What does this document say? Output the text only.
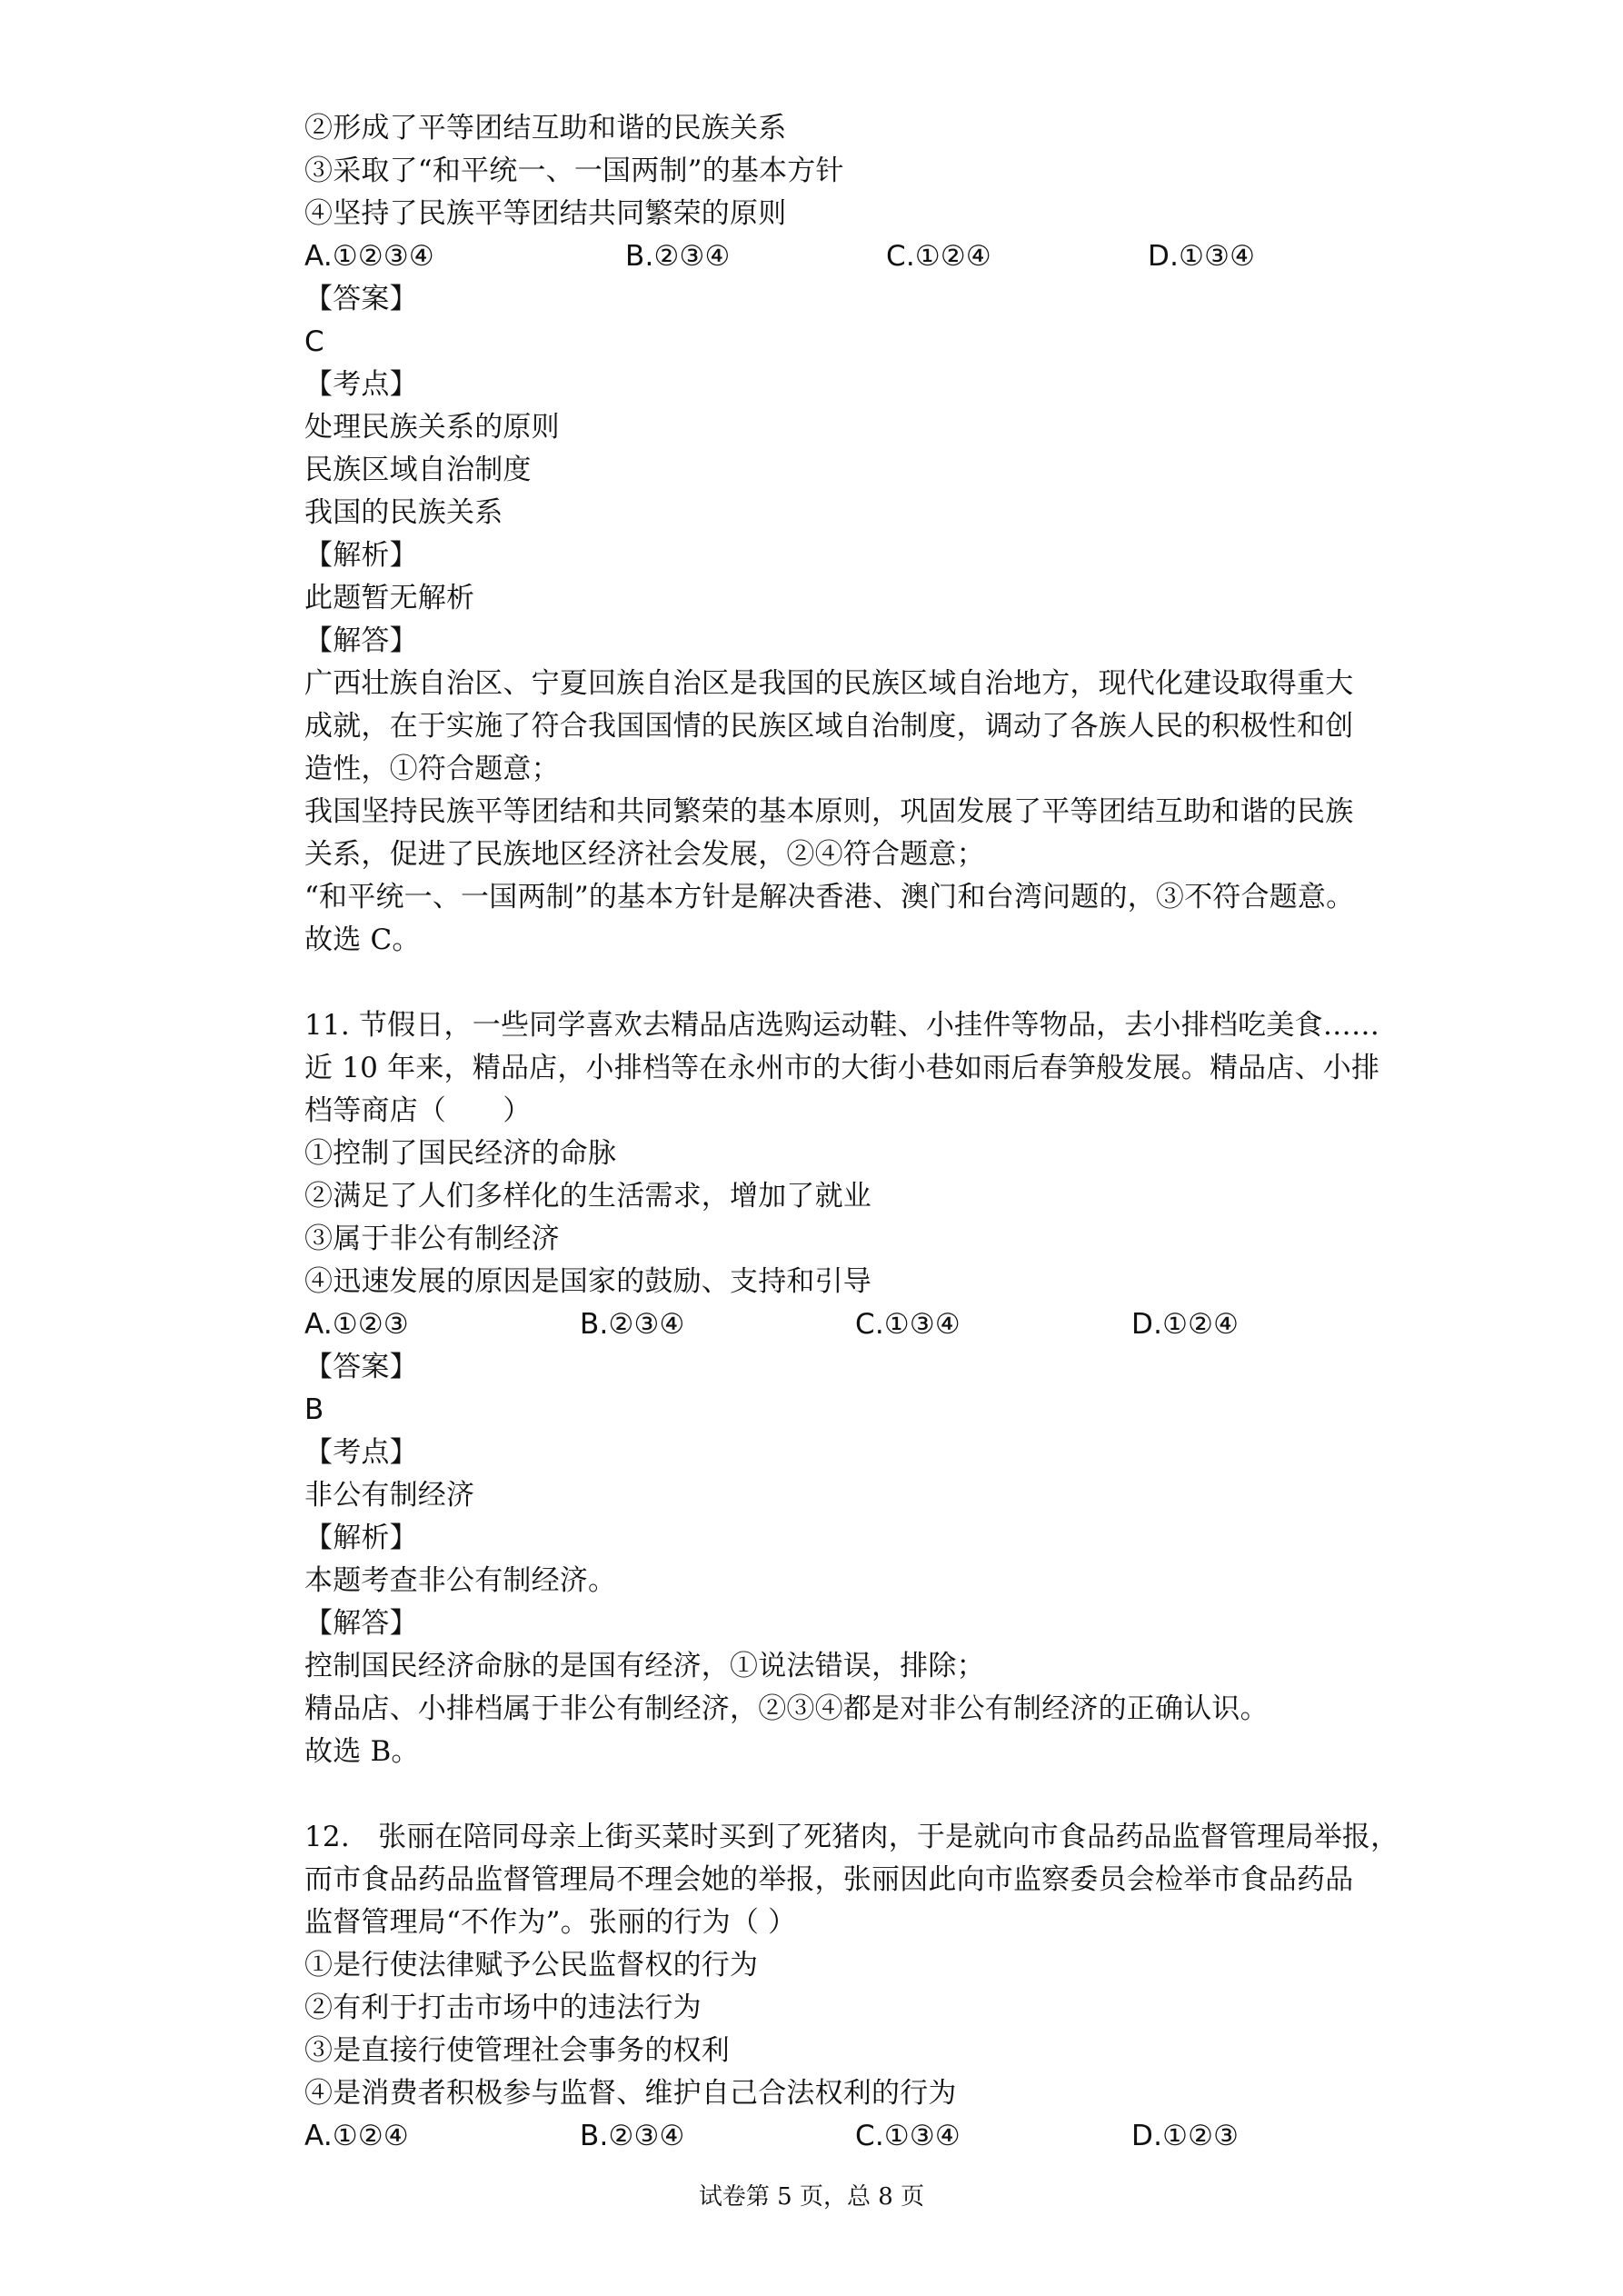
②形成了平等团结互助和谐的民族关系
③采取了“和平统一、一国两制”的基本方针
④坚持了民族平等团结共同繁荣的原则
A.①②③④	B.②③④	C.①②④	D.①③④
【答案】
C
【考点】
处理民族关系的原则
民族区域自治制度
我国的民族关系
【解析】
此题暂无解析
【解答】
广西壮族自治区、宁夏回族自治区是我国的民族区域自治地方，现代化建设取得重大
成就，在于实施了符合我国国情的民族区域自治制度，调动了各族人民的积极性和创
造性，①符合题意；
我国坚持民族平等团结和共同繁荣的基本原则，巩固发展了平等团结互助和谐的民族
关系，促进了民族地区经济社会发展，②④符合题意；
“和平统一、一国两制”的基本方针是解决香港、澳门和台湾问题的，③不符合题意。
故选 C。
11. 节假日，一些同学喜欢去精品店选购运动鞋、小挂件等物品，去小排档吃美食……
近 10 年来，精品店，小排档等在永州市的大街小巷如雨后春笋般发展。精品店、小排
档等商店（　　）
①控制了国民经济的命脉
②满足了人们多样化的生活需求，增加了就业
③属于非公有制经济
④迅速发展的原因是国家的鼓励、支持和引导
A.①②③	B.②③④	C.①③④	D.①②④
【答案】
B
【考点】
非公有制经济
【解析】
本题考查非公有制经济。
【解答】
控制国民经济命脉的是国有经济，①说法错误，排除；
精品店、小排档属于非公有制经济，②③④都是对非公有制经济的正确认识。
故选 B。
12.　张丽在陪同母亲上街买菜时买到了死猪肉，于是就向市食品药品监督管理局举报，
而市食品药品监督管理局不理会她的举报，张丽因此向市监察委员会检举市食品药品
监督管理局“不作为”。张丽的行为（ ）
①是行使法律赋予公民监督权的行为
②有利于打击市场中的违法行为
③是直接行使管理社会事务的权利
④是消费者积极参与监督、维护自己合法权利的行为
A.①②④	B.②③④	C.①③④	D.①②③
试卷第 5 页，总 8 页
